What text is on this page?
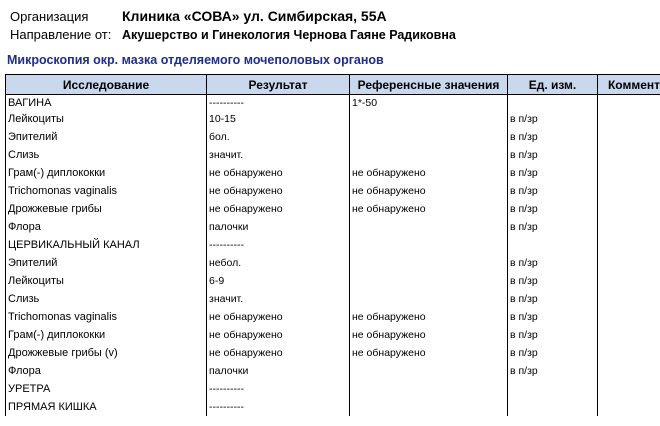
Организация Клиника «СОВА» ул. Симбирская, 55А
Направление от: Акушерство и Гинекология Чернова Гаяне Радиковна
Микроскопия окр. мазка отделяемого мочеполовых органов
Исследование	Результат	Референсные значения	Ед. изм.	Коммент
ВАГИНА	----------	1*-50		
Лейкоциты	10-15		в п/зр	
Эпителий	бол.		в п/зр	
Слизь	значит.		в п/зр	
Грам(-) диплококки	не обнаружено	не обнаружено	в п/зр	
Trichomonas vaginalis	не обнаружено	не обнаружено	в п/зр	
Дрожжевые грибы	не обнаружено	не обнаружено	в п/зр	
Флора	палочки		в п/зр	
ЦЕРВИКАЛЬНЫЙ КАНАЛ	----------			
Эпителий	небол.		в п/зр	
Лейкоциты	6-9		в п/зр	
Слизь	значит.		в п/зр	
Trichomonas vaginalis	не обнаружено	не обнаружено	в п/зр	
Грам(-) диплококки	не обнаружено	не обнаружено	в п/зр	
Дрожжевые грибы (v)	не обнаружено	не обнаружено	в п/зр	
Флора	палочки		в п/зр	
УРЕТРА	----------			
ПРЯМАЯ КИШКА	----------			
